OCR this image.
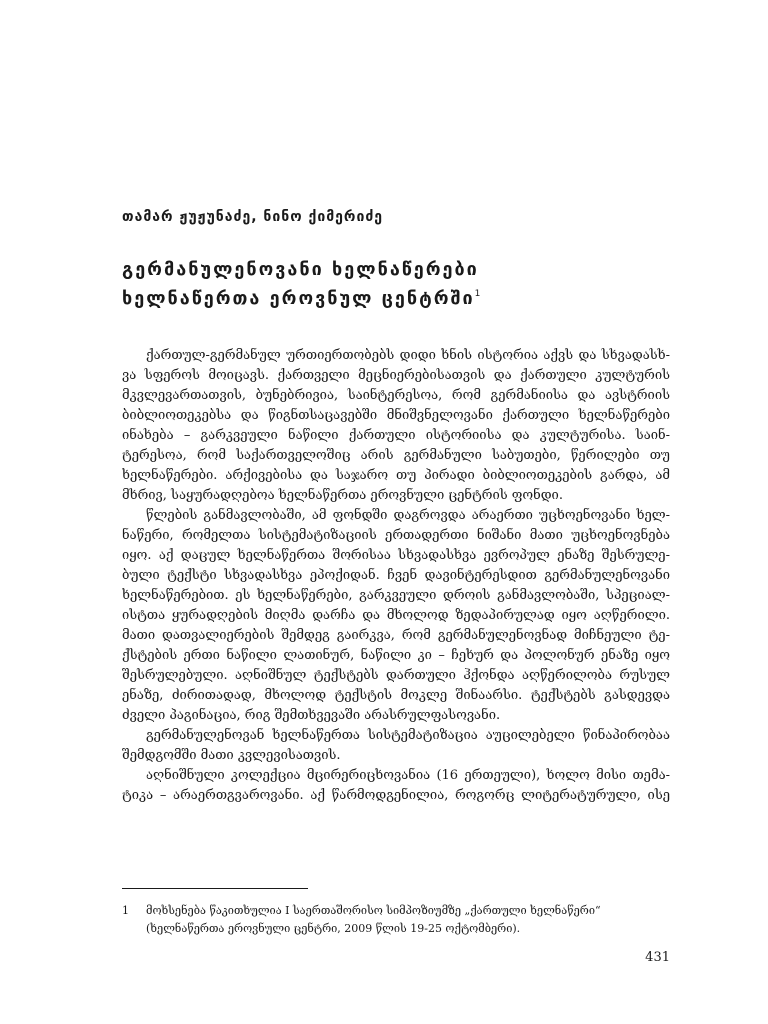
თამარ ჟუჟუნაძე, ნინო ქიმერიძე
გერმანულენოვანი ხელნაწერები
ხელნაწერთა ეროვნულ ცენტრში$^1$
ქართულ-გერმანულ ურთიერთობებს დიდი ხნის ისტორია აქვს და სხვადასხ-
ვა სფეროს მოიცავს. ქართველი მეცნიერებისათვის და ქართული კულტურის
მკვლევართათვის, ბუნებრივია, საინტერესოა, რომ გერმანიისა და ავსტრიის
ბიბლიოთეკებსა და წიგნთსაცავებში მნიშვნელოვანი ქართული ხელნაწერები
ინახება – გარკვეული ნაწილი ქართული ისტორიისა და კულტურისა. საინ-
ტერესოა, რომ საქართველოშიც არის გერმანული საბუთები, წერილები თუ
ხელნაწერები. არქივებისა და საჯარო თუ პირადი ბიბლიოთეკების გარდა, ამ
მხრივ, საყურადღებოა ხელნაწერთა ეროვნული ცენტრის ფონდი.
წლების განმავლობაში, ამ ფონდში დაგროვდა არაერთი უცხოენოვანი ხელ-
ნაწერი, რომელთა სისტემატიზაციის ერთადერთი ნიშანი მათი უცხოენოვნება
იყო. აქ დაცულ ხელნაწერთა შორისაა სხვადასხვა ევროპულ ენაზე შესრულე-
ბული ტექსტი სხვადასხვა ეპოქიდან. ჩვენ დავინტერესდით გერმანულენოვანი
ხელნაწერებით. ეს ხელნაწერები, გარკვეული დროის განმავლობაში, სპეციალ-
ისტთა ყურადღების მიღმა დარჩა და მხოლოდ ზედაპირულად იყო აღწერილი.
მათი დათვალიერების შემდეგ გაირკვა, რომ გერმანულენოვნად მიჩნეული ტე-
ქსტების ერთი ნაწილი ლათინურ, ნაწილი კი – ჩეხურ და პოლონურ ენაზე იყო
შესრულებული. აღნიშნულ ტექსტებს დართული ჰქონდა აღწერილობა რუსულ
ენაზე, ძირითადად, მხოლოდ ტექსტის მოკლე შინაარსი. ტექსტებს გასდევდა
ძველი პაგინაცია, რიგ შემთხვევაში არასრულფასოვანი.
გერმანულენოვან ხელნაწერთა სისტემატიზაცია აუცილებელი წინაპირობაა
შემდგომში მათი კვლევისათვის.
აღნიშნული კოლექცია მცირერიცხოვანია (16 ერთეული), ხოლო მისი თემა-
ტიკა – არაერთგვაროვანი. აქ წარმოდგენილია, როგორც ლიტერატურული, ისე
1 მოხსენება წაკითხულია I საერთაშორისო სიმპოზიუმზე „ქართული ხელნაწერი“
(ხელნაწერთა ეროვნული ცენტრი, 2009 წლის 19-25 ოქტომბერი).
431
